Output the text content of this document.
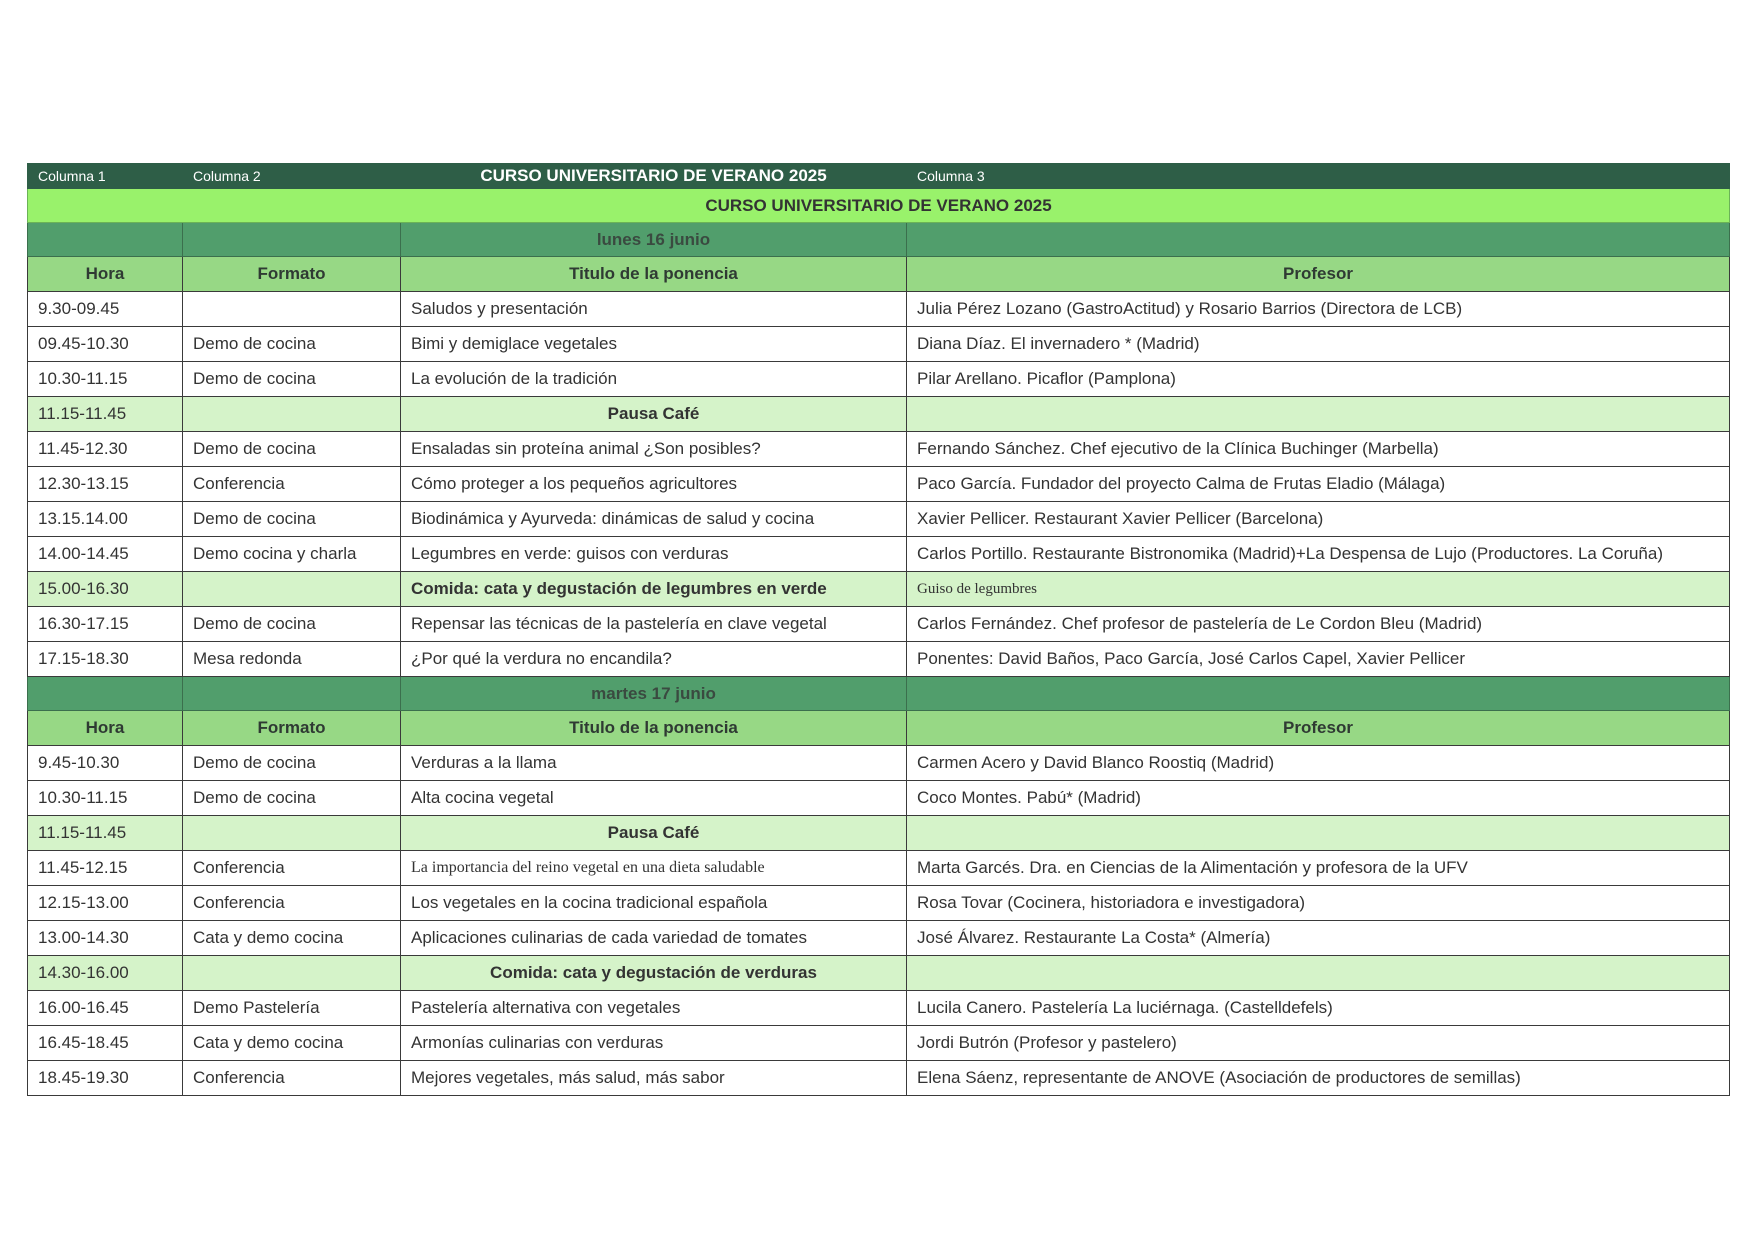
Columna 1	Columna 2	CURSO UNIVERSITARIO DE VERANO 2025	Columna 3
CURSO UNIVERSITARIO DE VERANO 2025			
		lunes 16 junio	
Hora	Formato	Titulo de la ponencia	Profesor
9.30-09.45		Saludos y presentación	Julia Pérez Lozano (GastroActitud) y Rosario Barrios (Directora de LCB)
09.45-10.30	Demo de cocina	Bimi y demiglace vegetales	Diana Díaz. El invernadero * (Madrid)
10.30-11.15	Demo de cocina	La evolución de la tradición	Pilar Arellano. Picaflor (Pamplona)
11.15-11.45		Pausa Café	
11.45-12.30	Demo de cocina	Ensaladas sin proteína animal ¿Son posibles?	Fernando Sánchez. Chef ejecutivo de la Clínica Buchinger (Marbella)
12.30-13.15	Conferencia	Cómo proteger a los pequeños agricultores	Paco García. Fundador del proyecto Calma de Frutas Eladio (Málaga)
13.15.14.00	Demo de cocina	Biodinámica y Ayurveda: dinámicas de salud y cocina	Xavier Pellicer. Restaurant Xavier Pellicer (Barcelona)
14.00-14.45	Demo cocina y charla	Legumbres en verde: guisos con verduras	Carlos Portillo. Restaurante Bistronomika (Madrid)+La Despensa de Lujo (Productores. La Coruña)
15.00-16.30		Comida: cata y degustación de legumbres en verde	Guiso de legumbres
16.30-17.15	Demo de cocina	Repensar las técnicas de la pastelería en clave vegetal	Carlos Fernández. Chef profesor de pastelería de Le Cordon Bleu (Madrid)
17.15-18.30	Mesa redonda	¿Por qué la verdura no encandila?	Ponentes: David Baños, Paco García, José Carlos Capel, Xavier Pellicer
		martes 17 junio	
Hora	Formato	Titulo de la ponencia	Profesor
9.45-10.30	Demo de cocina	Verduras a la llama	Carmen Acero y David Blanco Roostiq (Madrid)
10.30-11.15	Demo de cocina	Alta cocina vegetal	Coco Montes. Pabú* (Madrid)
11.15-11.45		Pausa Café	
11.45-12.15	Conferencia	La importancia del reino vegetal en una dieta saludable	Marta Garcés. Dra. en Ciencias de la Alimentación y profesora de la UFV
12.15-13.00	Conferencia	Los vegetales en la cocina tradicional española	Rosa Tovar (Cocinera, historiadora e investigadora)
13.00-14.30	Cata y demo cocina	Aplicaciones culinarias de cada variedad de tomates	José Álvarez. Restaurante La Costa* (Almería)
14.30-16.00		Comida: cata y degustación de verduras	
16.00-16.45	Demo Pastelería	Pastelería alternativa con vegetales	Lucila Canero. Pastelería La luciérnaga. (Castelldefels)
16.45-18.45	Cata y demo cocina	Armonías culinarias con verduras	Jordi Butrón (Profesor y pastelero)
18.45-19.30	Conferencia	Mejores vegetales, más salud, más sabor	Elena Sáenz, representante de ANOVE (Asociación de productores de semillas)
